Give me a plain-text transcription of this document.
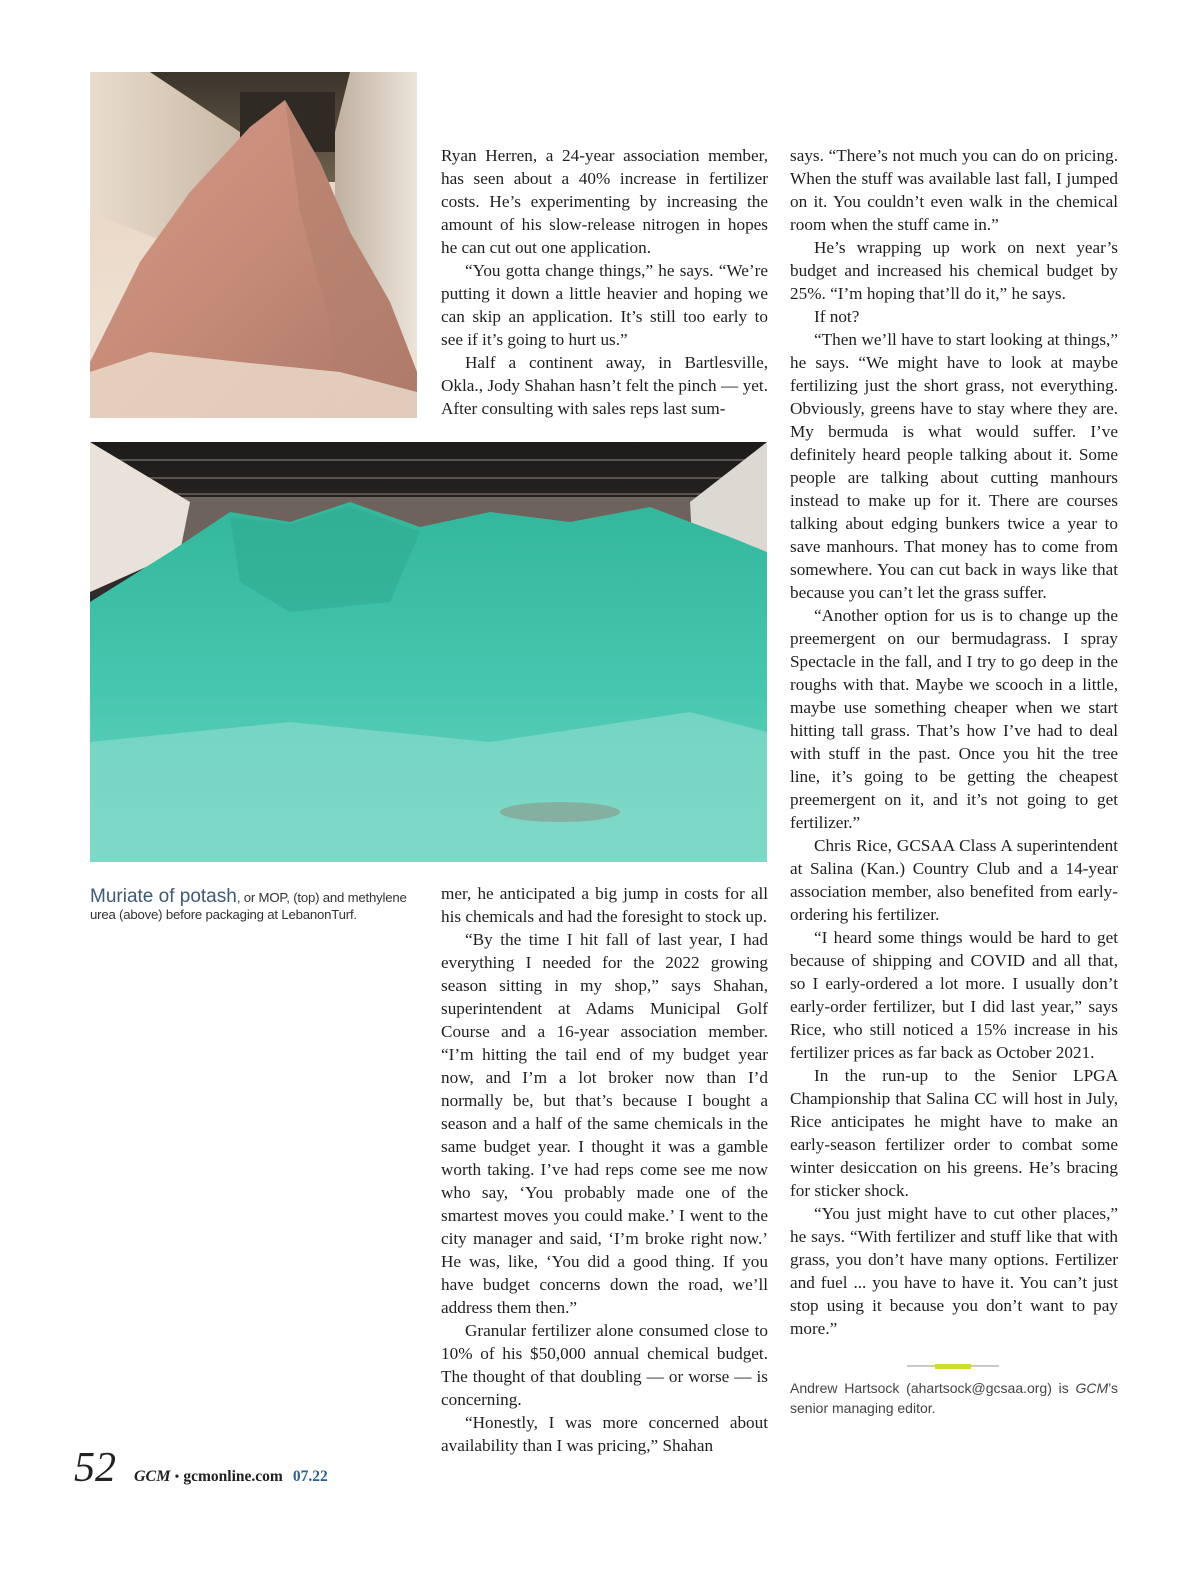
Muriate of potash, or MOP, (top) and methylene urea (above) before packaging at LebanonTurf.

Ryan Herren, a 24-year association member, has seen about a 40% increase in fertilizer costs. He’s experimenting by increasing the amount of his slow-release nitrogen in hopes he can cut out one application.

“You gotta change things,” he says. “We’re putting it down a little heavier and hoping we can skip an application. It’s still too early to see if it’s going to hurt us.”

Half a continent away, in Bartlesville, Okla., Jody Shahan hasn’t felt the pinch — yet. After consulting with sales reps last sum-

mer, he anticipated a big jump in costs for all his chemicals and had the foresight to stock up.

“By the time I hit fall of last year, I had everything I needed for the 2022 growing season sitting in my shop,” says Shahan, superintendent at Adams Municipal Golf Course and a 16-year association member. “I’m hitting the tail end of my budget year now, and I’m a lot broker now than I’d normally be, but that’s because I bought a season and a half of the same chemicals in the same budget year. I thought it was a gamble worth taking. I’ve had reps come see me now who say, ‘You probably made one of the smartest moves you could make.’ I went to the city manager and said, ‘I’m broke right now.’ He was, like, ‘You did a good thing. If you have budget concerns down the road, we’ll address them then.”

Granular fertilizer alone consumed close to 10% of his $50,000 annual chemical budget. The thought of that doubling — or worse — is concerning.

“Honestly, I was more concerned about availability than I was pricing,” Shahan

says. “There’s not much you can do on pricing. When the stuff was available last fall, I jumped on it. You couldn’t even walk in the chemical room when the stuff came in.”

He’s wrapping up work on next year’s budget and increased his chemical budget by 25%. “I’m hoping that’ll do it,” he says.

If not?

“Then we’ll have to start looking at things,” he says. “We might have to look at maybe fertilizing just the short grass, not everything. Obviously, greens have to stay where they are. My bermuda is what would suffer. I’ve definitely heard people talking about it. Some people are talking about cutting manhours instead to make up for it. There are courses talking about edging bunkers twice a year to save manhours. That money has to come from somewhere. You can cut back in ways like that because you can’t let the grass suffer.

“Another option for us is to change up the preemergent on our bermudagrass. I spray Spectacle in the fall, and I try to go deep in the roughs with that. Maybe we scooch in a little, maybe use something cheaper when we start hitting tall grass. That’s how I’ve had to deal with stuff in the past. Once you hit the tree line, it’s going to be getting the cheapest preemergent on it, and it’s not going to get fertilizer.”

Chris Rice, GCSAA Class A superintendent at Salina (Kan.) Country Club and a 14-year association member, also benefited from early-ordering his fertilizer.

“I heard some things would be hard to get because of shipping and COVID and all that, so I early-ordered a lot more. I usually don’t early-order fertilizer, but I did last year,” says Rice, who still noticed a 15% increase in his fertilizer prices as far back as October 2021.

In the run-up to the Senior LPGA Championship that Salina CC will host in July, Rice anticipates he might have to make an early-season fertilizer order to combat some winter desiccation on his greens. He’s bracing for sticker shock.

“You just might have to cut other places,” he says. “With fertilizer and stuff like that with grass, you don’t have many options. Fertilizer and fuel ... you have to have it. You can’t just stop using it because you don’t want to pay more.”

Andrew Hartsock (ahartsock@gcsaa.org) is GCM’s senior managing editor.
52 GCM • gcmonline.com 07.22
